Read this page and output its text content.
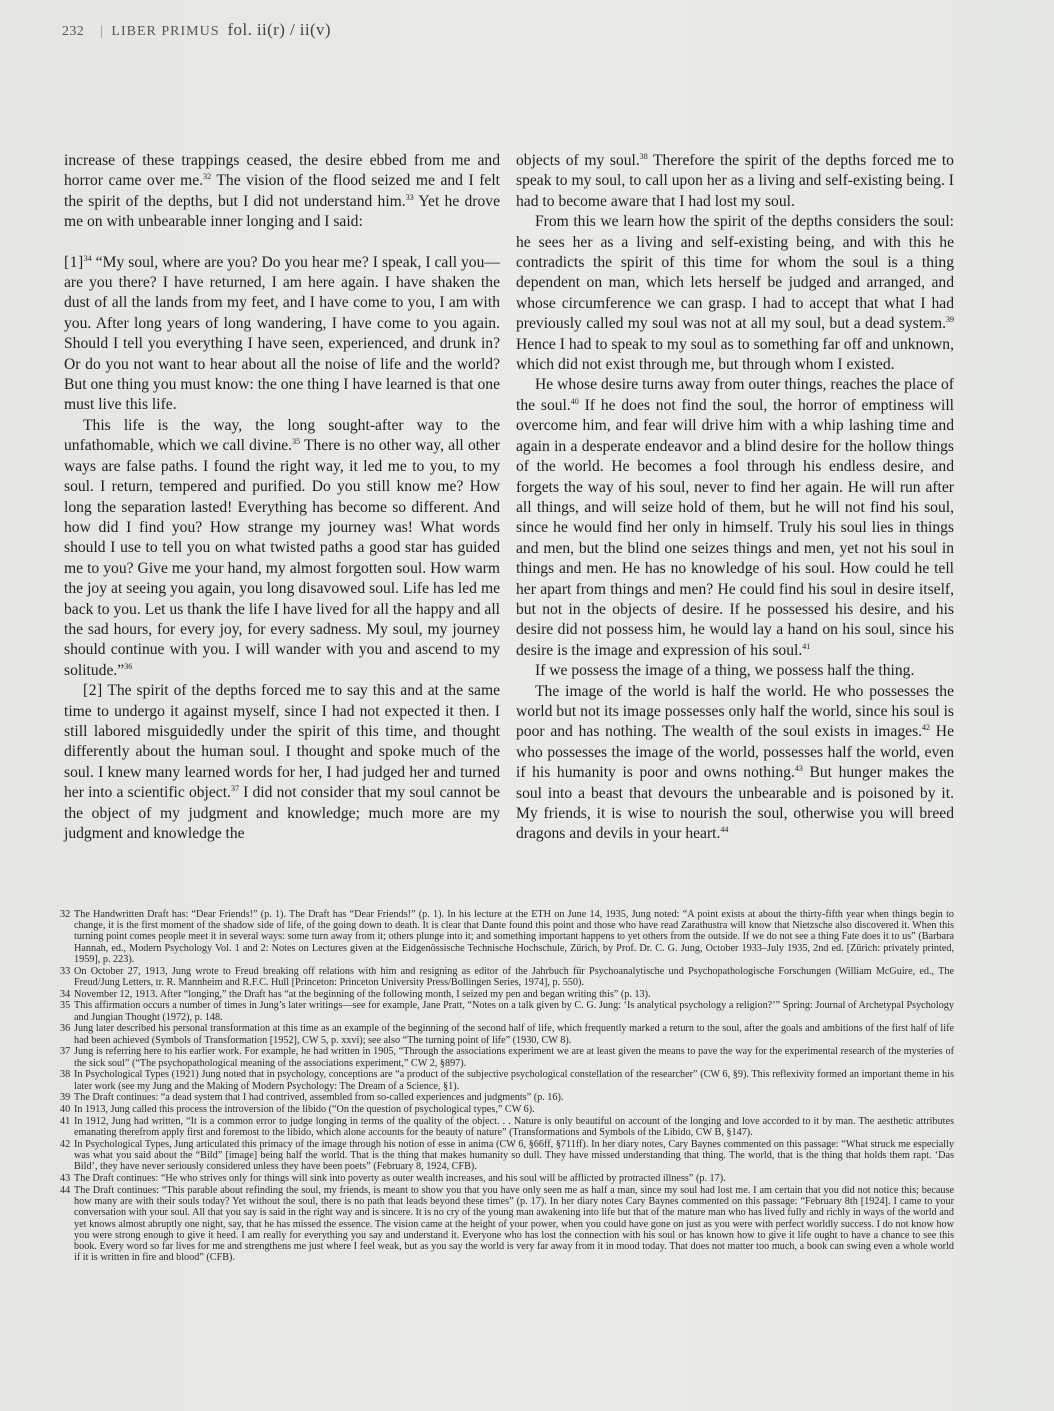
232 | LIBER PRIMUS fol. ii(r) / ii(v)

increase of these trappings ceased, the desire ebbed from me and horror came over me.$^{32}$ The vision of the flood seized me and I felt the spirit of the depths, but I did not understand him.$^{33}$ Yet he drove me on with unbearable inner longing and I said:

$[1]^{34}$ “My soul, where are you? Do you hear me? I speak, I call you—are you there? I have returned, I am here again. I have shaken the dust of all the lands from my feet, and I have come to you, I am with you. After long years of long wandering, I have come to you again. Should I tell you everything I have seen, experienced, and drunk in? Or do you not want to hear about all the noise of life and the world? But one thing you must know: the one thing I have learned is that one must live this life.

This life is the way, the long sought-after way to the unfathomable, which we call divine.$^{35}$ There is no other way, all other ways are false paths. I found the right way, it led me to you, to my soul. I return, tempered and purified. Do you still know me? How long the separation lasted! Everything has become so different. And how did I find you? How strange my journey was! What words should I use to tell you on what twisted paths a good star has guided me to you? Give me your hand, my almost forgotten soul. How warm the joy at seeing you again, you long disavowed soul. Life has led me back to you. Let us thank the life I have lived for all the happy and all the sad hours, for every joy, for every sadness. My soul, my journey should continue with you. I will wander with you and ascend to my solitude.”$^{36}$

[2] The spirit of the depths forced me to say this and at the same time to undergo it against myself, since I had not expected it then. I still labored misguidedly under the spirit of this time, and thought differently about the human soul. I thought and spoke much of the soul. I knew many learned words for her, I had judged her and turned her into a scientific object.$^{37}$ I did not consider that my soul cannot be the object of my judgment and knowledge; much more are my judgment and knowledge the

objects of my soul.$^{38}$ Therefore the spirit of the depths forced me to speak to my soul, to call upon her as a living and self-existing being. I had to become aware that I had lost my soul.

From this we learn how the spirit of the depths considers the soul: he sees her as a living and self-existing being, and with this he contradicts the spirit of this time for whom the soul is a thing dependent on man, which lets herself be judged and arranged, and whose circumference we can grasp. I had to accept that what I had previously called my soul was not at all my soul, but a dead system.$^{39}$ Hence I had to speak to my soul as to something far off and unknown, which did not exist through me, but through whom I existed.

He whose desire turns away from outer things, reaches the place of the soul.$^{40}$ If he does not find the soul, the horror of emptiness will overcome him, and fear will drive him with a whip lashing time and again in a desperate endeavor and a blind desire for the hollow things of the world. He becomes a fool through his endless desire, and forgets the way of his soul, never to find her again. He will run after all things, and will seize hold of them, but he will not find his soul, since he would find her only in himself. Truly his soul lies in things and men, but the blind one seizes things and men, yet not his soul in things and men. He has no knowledge of his soul. How could he tell her apart from things and men? He could find his soul in desire itself, but not in the objects of desire. If he possessed his desire, and his desire did not possess him, he would lay a hand on his soul, since his desire is the image and expression of his soul.$^{41}$

If we possess the image of a thing, we possess half the thing.

The image of the world is half the world. He who possesses the world but not its image possesses only half the world, since his soul is poor and has nothing. The wealth of the soul exists in images.$^{42}$ He who possesses the image of the world, possesses half the world, even if his humanity is poor and owns nothing.$^{43}$ But hunger makes the soul into a beast that devours the unbearable and is poisoned by it. My friends, it is wise to nourish the soul, otherwise you will breed dragons and devils in your heart.$^{44}$

32 The Handwritten Draft has: “Dear Friends!” (p. 1). The Draft has “Dear Friends!” (p. 1). In his lecture at the ETH on June 14, 1935, Jung noted: “A point exists at about the thirty-fifth year when things begin to change, it is the first moment of the shadow side of life, of the going down to death. It is clear that Dante found this point and those who have read Zarathustra will know that Nietzsche also discovered it. When this turning point comes people meet it in several ways: some turn away from it; others plunge into it; and something important happens to yet others from the outside. If we do not see a thing Fate does it to us” (Barbara Hannah, ed., Modern Psychology Vol. 1 and 2: Notes on Lectures given at the Eidgenössische Technische Hochschule, Zürich, by Prof. Dr. C. G. Jung, October 1933–July 1935, 2nd ed. [Zürich: privately printed, 1959], p. 223).

33 On October 27, 1913, Jung wrote to Freud breaking off relations with him and resigning as editor of the Jahrbuch für Psychoanalytische und Psychopathologische Forschungen (William McGuire, ed., The Freud/Jung Letters, tr. R. Mannheim and R.F.C. Hull [Princeton: Princeton University Press/Bollingen Series, 1974], p. 550).

34 November 12, 1913. After “longing,” the Draft has “at the beginning of the following month, I seized my pen and began writing this” (p. 13).

35 This affirmation occurs a number of times in Jung’s later writings—see for example, Jane Pratt, “Notes on a talk given by C. G. Jung: ‘Is analytical psychology a religion?’” Spring: Journal of Archetypal Psychology and Jungian Thought (1972), p. 148.

36 Jung later described his personal transformation at this time as an example of the beginning of the second half of life, which frequently marked a return to the soul, after the goals and ambitions of the first half of life had been achieved (Symbols of Transformation [1952], CW 5, p. xxvi); see also “The turning point of life” (1930, CW 8).

37 Jung is referring here to his earlier work. For example, he had written in 1905, “Through the associations experiment we are at least given the means to pave the way for the experimental research of the mysteries of the sick soul” (“The psychopathological meaning of the associations experiment,” CW 2, §897).

38 In Psychological Types (1921) Jung noted that in psychology, conceptions are “a product of the subjective psychological constellation of the researcher” (CW 6, §9). This reflexivity formed an important theme in his later work (see my Jung and the Making of Modern Psychology: The Dream of a Science, §1).

39 The Draft continues: “a dead system that I had contrived, assembled from so-called experiences and judgments” (p. 16).

40 In 1913, Jung called this process the introversion of the libido (“On the question of psychological types,” CW 6).

41 In 1912, Jung had written, “It is a common error to judge longing in terms of the quality of the object. . . Nature is only beautiful on account of the longing and love accorded to it by man. The aesthetic attributes emanating therefrom apply first and foremost to the libido, which alone accounts for the beauty of nature” (Transformations and Symbols of the Libido, CW B, §147).

42 In Psychological Types, Jung articulated this primacy of the image through his notion of esse in anima (CW 6, §66ff, §711ff). In her diary notes, Cary Baynes commented on this passage: “What struck me especially was what you said about the “Bild” [image] being half the world. That is the thing that makes humanity so dull. They have missed understanding that thing. The world, that is the thing that holds them rapt. ‘Das Bild’, they have never seriously considered unless they have been poets” (February 8, 1924, CFB).

43 The Draft continues: “He who strives only for things will sink into poverty as outer wealth increases, and his soul will be afflicted by protracted illness” (p. 17).

44 The Draft continues: “This parable about refinding the soul, my friends, is meant to show you that you have only seen me as half a man, since my soul had lost me. I am certain that you did not notice this; because how many are with their souls today? Yet without the soul, there is no path that leads beyond these times” (p. 17). In her diary notes Cary Baynes commented on this passage: “February 8th [1924]. I came to your conversation with your soul. All that you say is said in the right way and is sincere. It is no cry of the young man awakening into life but that of the mature man who has lived fully and richly in ways of the world and yet knows almost abruptly one night, say, that he has missed the essence. The vision came at the height of your power, when you could have gone on just as you were with perfect worldly success. I do not know how you were strong enough to give it heed. I am really for everything you say and understand it. Everyone who has lost the connection with his soul or has known how to give it life ought to have a chance to see this book. Every word so far lives for me and strengthens me just where I feel weak, but as you say the world is very far away from it in mood today. That does not matter too much, a book can swing even a whole world if it is written in fire and blood” (CFB).
